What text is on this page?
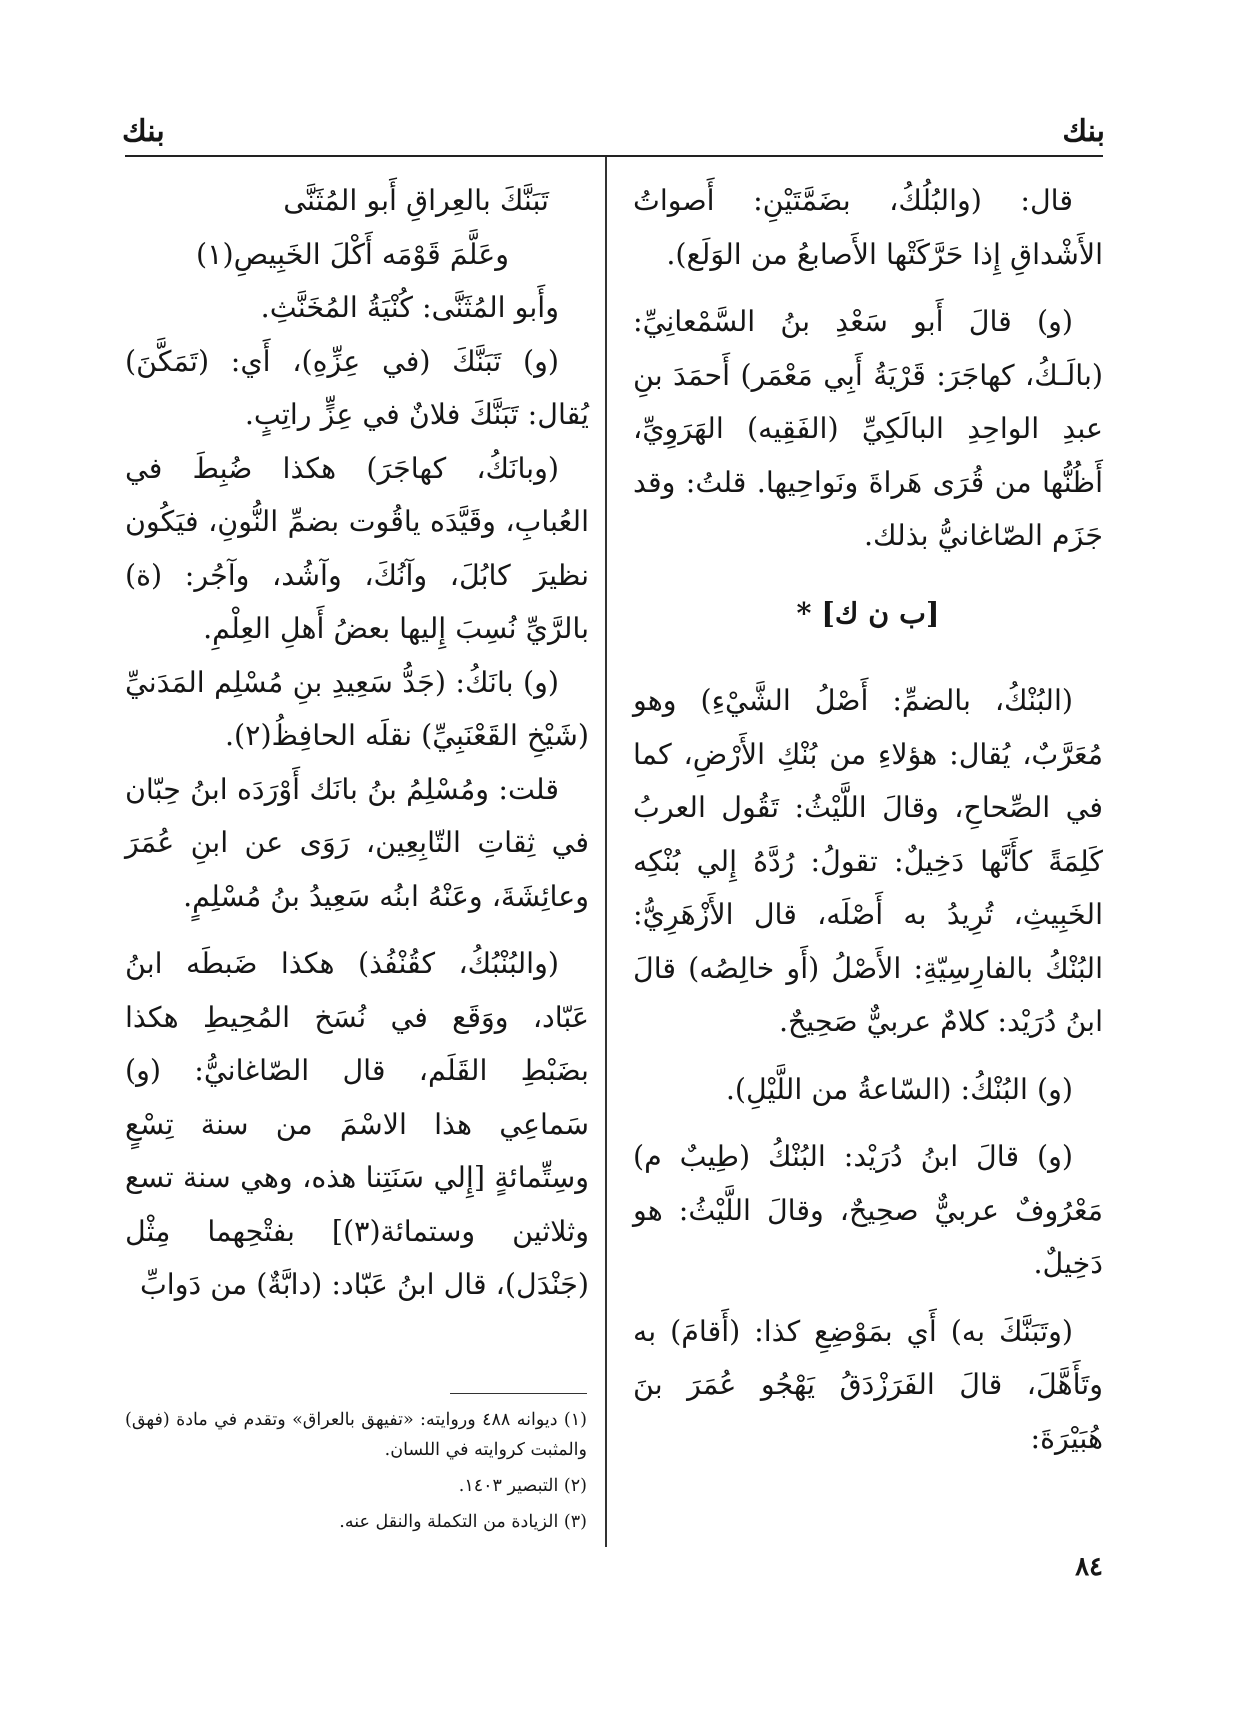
بنك
بنك

قال: (والبُلُكُ، بضَمَّتَيْنِ: أَصواتُ الأَشْداقِ إِذا حَرَّكَتْها الأَصابعُ من الوَلَع).

(و) قالَ أَبو سَعْدِ بنُ السَّمْعانِيِّ: (بالَـكُ، كهاجَرَ: قَرْيَةُ أَبِي مَعْمَر) أَحمَدَ بنِ عبدِ الواحِدِ البالَكِيِّ (الفَقِيه) الهَرَوِيِّ، أَظُنُّها من قُرَى هَراةَ ونَواحِيها. قلتُ: وقد جَزَم الصّاغانيُّ بذلك.

[ب ن ك] *

(البُنْكُ، بالضمِّ: أَصْلُ الشَّيْءِ) وهو مُعَرَّبٌ، يُقال: هؤلاءِ من بُنْكِ الأَرْضِ، كما في الصِّحاحِ، وقالَ اللَّيْثُ: تَقُول العربُ كَلِمَةً كأَنَّها دَخِيلٌ: تقولُ: رُدَّهُ إِلي بُنْكِه الخَبِيثِ، تُرِيدُ به أَصْلَه، قال الأَزْهَرِيُّ: البُنْكُ بالفارِسِيّةِ: الأَصْلُ (أَو خالِصُه) قالَ ابنُ دُرَيْد: كلامٌ عربيٌّ صَحِيحٌ.

(و) البُنْكُ: (السّاعةُ من اللَّيْلِ).

(و) قالَ ابنُ دُرَيْد: البُنْكُ (طِيبٌ م) مَعْرُوفٌ عربيٌّ صحِيحٌ، وقالَ اللَّيْثُ: هو دَخِيلٌ.

(وتَبَنَّكَ به) أَي بمَوْضِعِ كذا: (أَقامَ) به وتَأَهَّلَ، قالَ الفَرَزْدَقُ يَهْجُو عُمَرَ بنَ هُبَيْرَةَ:

تَبَنَّكَ بالعِراقِ أَبو المُثَنَّى

وعَلَّمَ قَوْمَه أَكْلَ الخَبِيصِ(١)

وأَبو المُثَنَّى: كُنْيَةُ المُخَنَّثِ.

(و) تَبَنَّكَ (في عِزِّهِ)، أَي: (تَمَكَّنَ) يُقال: تَبَنَّكَ فلانٌ في عِزٍّ راتِبٍ.

(وبانَكُ، كهاجَرَ) هكذا ضُبِطَ في العُبابِ، وقَيَّدَه ياقُوت بضمِّ النُّونِ، فيَكُون نظيرَ كابُلَ، وآنُكَ، وآشُد، وآجُر: (ة) بالرَّيِّ نُسِبَ إِليها بعضُ أَهلِ العِلْمِ.

(و) بانَكُ: (جَدُّ سَعِيدِ بنِ مُسْلِم المَدَنيِّ (شَيْخِ القَعْنَبِيِّ) نقلَه الحافِظُ(٢).

قلت: ومُسْلِمُ بنُ بانَك أَوْرَدَه ابنُ حِبّان في ثِقاتِ التّابِعِين، رَوَى عن ابنِ عُمَرَ وعائِشَةَ، وعَنْهُ ابنُه سَعِيدُ بنُ مُسْلِمٍ.

(والبُنْبُكُ، كقُنْفُذ) هكذا ضَبطَه ابنُ عَبّاد، ووَقَع في نُسَخ المُحِيطِ هكذا بضَبْطِ القَلَم، قال الصّاغانيُّ: (و) سَماعِي هذا الاسْمَ من سنة تِسْعٍ وسِتِّمائةٍ [إِلي سَنَتِنا هذه، وهي سنة تسع وثلاثين وستمائة(٣)] بفتْحِهما مِثْل (جَنْدَل)، قال ابنُ عَبّاد: (دابَّةٌ) من دَوابِّ

(١) ديوانه ٤٨٨ وروايته: «تفيهق بالعراق» وتقدم في مادة (فهق) والمثبت كروايته في اللسان.

(٢) التبصير ١٤٠٣.

(٣) الزيادة من التكملة والنقل عنه.

٨٤
